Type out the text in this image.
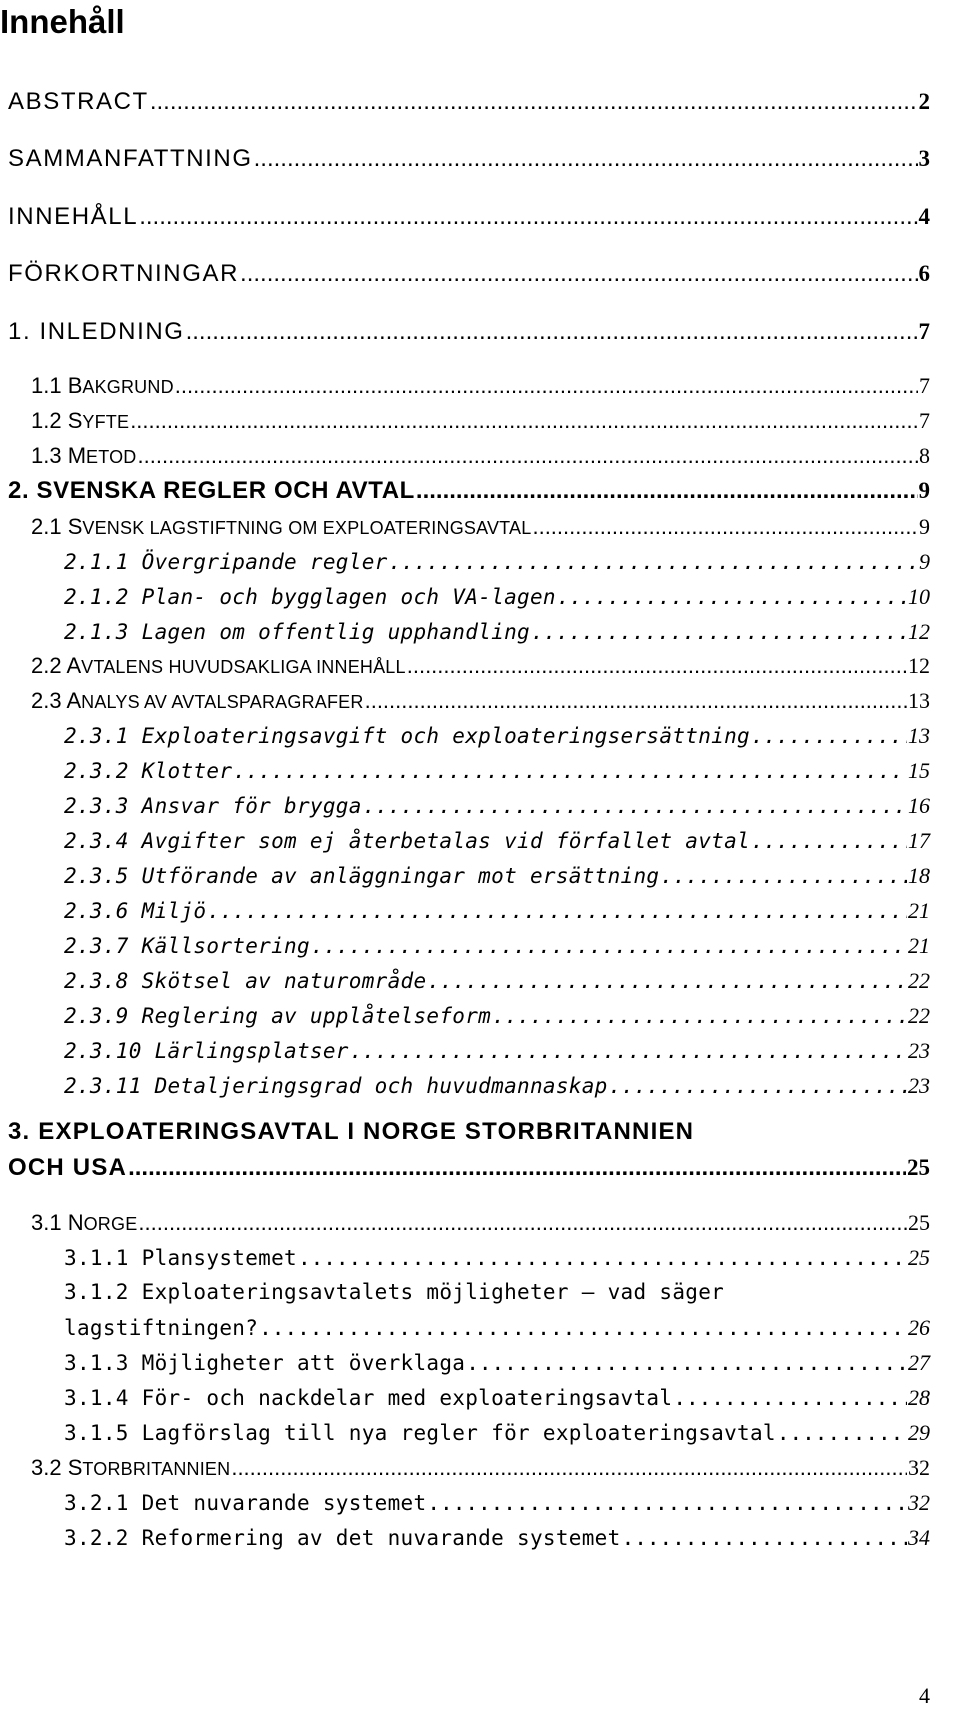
Innehåll
ABSTRACT .....	2
SAMMANFATTNING .....	3
INNEHÅLL .....	4
FÖRKORTNINGAR .....	6
1. INLEDNING .....	7
1.1 BAKGRUND .....	7
1.2 SYFTE .....	7
1.3 METOD .....	8
2. SVENSKA REGLER OCH AVTAL .....	9
2.1 SVENSK LAGSTIFTNING OM EXPLOATERINGSAVTAL .....	9
2.1.1 Övergripande regler .....	9
2.1.2 Plan- och bygglagen och VA-lagen .....	10
2.1.3 Lagen om offentlig upphandling .....	12
2.2 AVTALENS HUVUDSAKLIGA INNEHÅLL .....	12
2.3 ANALYS AV AVTALSPARAGRAFER .....	13
2.3.1 Exploateringsavgift och exploateringsersättning .....	13
2.3.2 Klotter .....	15
2.3.3 Ansvar för brygga .....	16
2.3.4 Avgifter som ej återbetalas vid förfallet avtal .....	17
2.3.5 Utförande av anläggningar mot ersättning .....	18
2.3.6 Miljö .....	21
2.3.7 Källsortering .....	21
2.3.8 Skötsel av naturområde .....	22
2.3.9 Reglering av upplåtelseform .....	22
2.3.10 Lärlingsplatser .....	23
2.3.11 Detaljeringsgrad och huvudmannaskap .....	23
3. EXPLOATERINGSAVTAL I NORGE STORBRITANNIEN
OCH USA .....	25
3.1 NORGE .....	25
3.1.1 Plansystemet .....	25
3.1.2 Exploateringsavtalets möjligheter – vad säger
lagstiftningen? .....	26
3.1.3 Möjligheter att överklaga .....	27
3.1.4 För- och nackdelar med exploateringsavtal .....	28
3.1.5 Lagförslag till nya regler för exploateringsavtal .....	29
3.2 STORBRITANNIEN .....	32
3.2.1 Det nuvarande systemet .....	32
3.2.2 Reformering av det nuvarande systemet .....	34
4
